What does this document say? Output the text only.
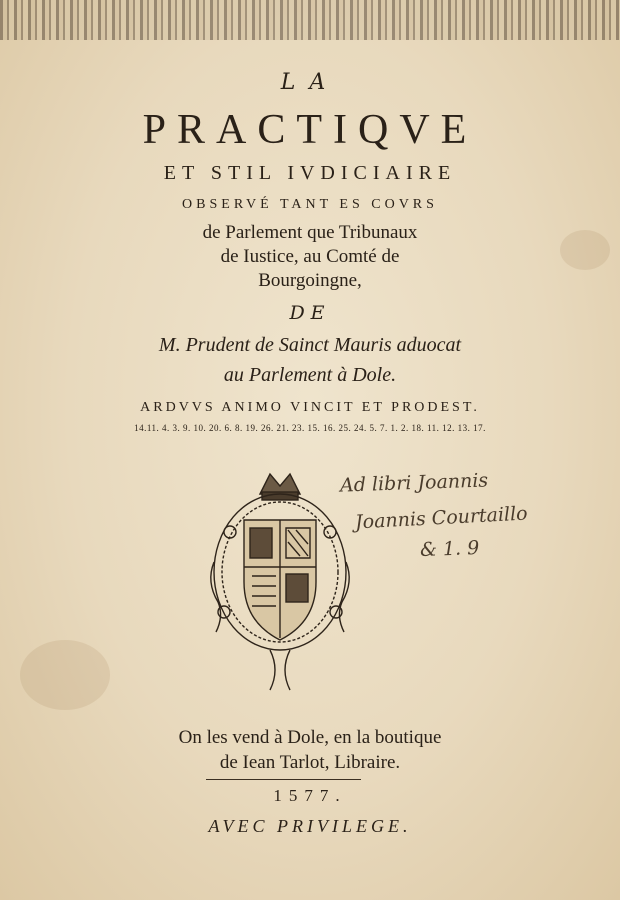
LA
PRACTIQVE
ET STIL IVDICIAIRE
OBSERVÉ TANT ES COVRS
de Parlement que Tribunaux
de Iustice, au Comté de
Bourgoingne,
DE
M. Prudent de Sainct Mauris aduocat
au Parlement à Dole.
ARDVVS ANIMO VINCIT ET PRODEST.
14.11. 4. 3. 9. 10. 20. 6. 8. 19. 26. 21. 23. 15. 16. 25. 24. 5. 7. 1. 2. 18. 11. 12. 13. 17.
Ad libri Joannis
Joannis Courtaillo
& 1. 9
On les vend à Dole, en la boutique
de Iean Tarlot, Libraire.
1577.
AVEC PRIVILEGE.
